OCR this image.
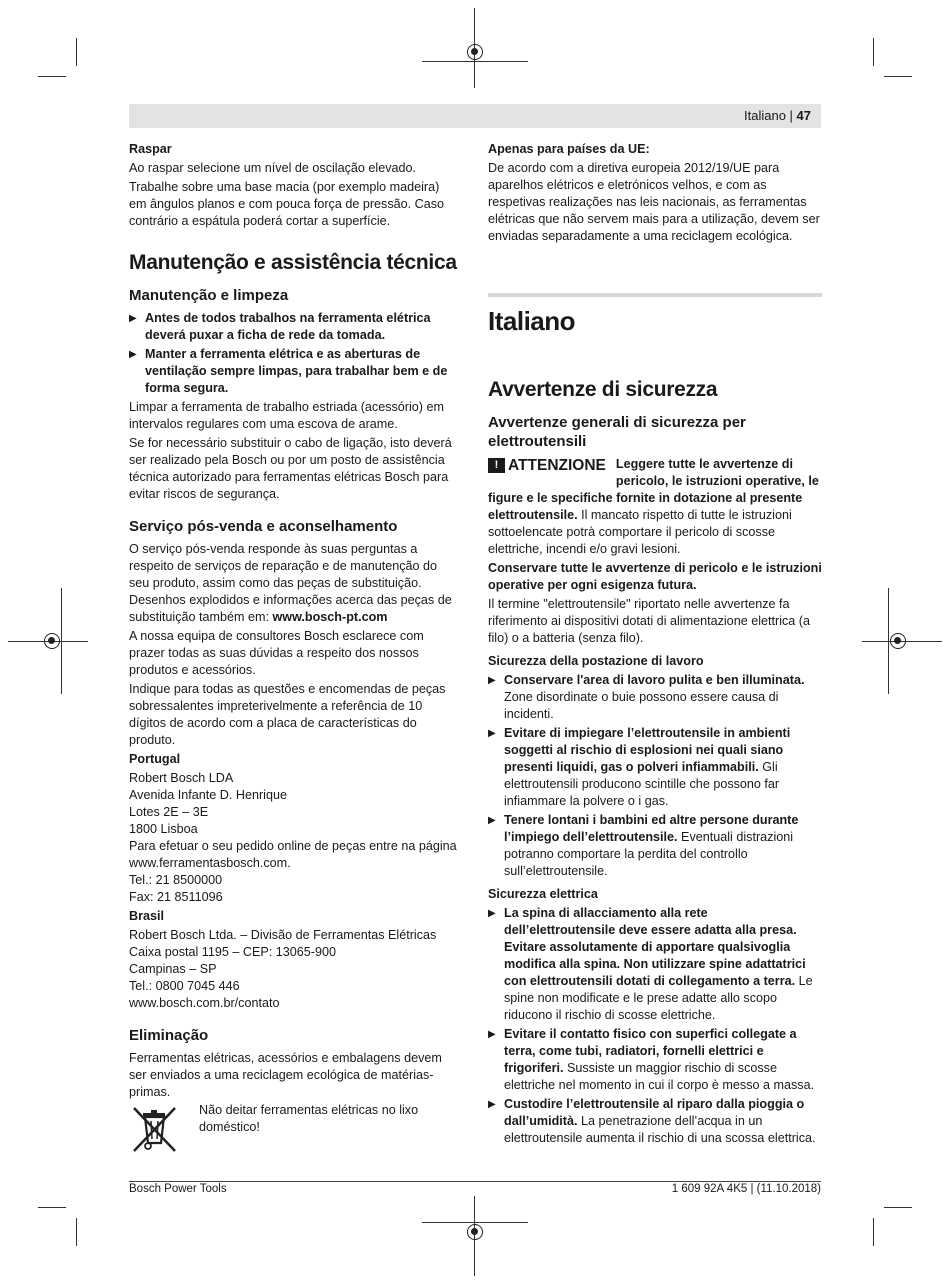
Italiano | 47

Raspar

Ao raspar selecione um nível de oscilação elevado.

Trabalhe sobre uma base macia (por exemplo madeira) em ângulos planos e com pouca força de pressão. Caso contrário a espátula poderá cortar a superfície.

Manutenção e assistência técnica
Manutenção e limpeza

▶ Antes de todos trabalhos na ferramenta elétrica deverá puxar a ficha de rede da tomada.

▶ Manter a ferramenta elétrica e as aberturas de ventilação sempre limpas, para trabalhar bem e de forma segura.

Limpar a ferramenta de trabalho estriada (acessório) em intervalos regulares com uma escova de arame.

Se for necessário substituir o cabo de ligação, isto deverá ser realizado pela Bosch ou por um posto de assistência técnica autorizado para ferramentas elétricas Bosch para evitar riscos de segurança.

Serviço pós-venda e aconselhamento

O serviço pós-venda responde às suas perguntas a respeito de serviços de reparação e de manutenção do seu produto, assim como das peças de substituição. Desenhos explodidos e informações acerca das peças de substituição também em: www.bosch-pt.com

A nossa equipa de consultores Bosch esclarece com prazer todas as suas dúvidas a respeito dos nossos produtos e acessórios.

Indique para todas as questões e encomendas de peças sobressalentes impreterivelmente a referência de 10 dígitos de acordo com a placa de características do produto.

Portugal

Robert Bosch LDA
Avenida Infante D. Henrique
Lotes 2E – 3E
1800 Lisboa
Para efetuar o seu pedido online de peças entre na página www.ferramentasbosch.com.
Tel.: 21 8500000
Fax: 21 8511096

Brasil

Robert Bosch Ltda. – Divisão de Ferramentas Elétricas
Caixa postal 1195 – CEP: 13065-900
Campinas – SP
Tel.: 0800 7045 446
www.bosch.com.br/contato
Eliminação

Ferramentas elétricas, acessórios e embalagens devem ser enviados a uma reciclagem ecológica de matérias-primas.

Não deitar ferramentas elétricas no lixo doméstico!

Apenas para países da UE:

De acordo com a diretiva europeia 2012/19/UE para aparelhos elétricos e eletrónicos velhos, e com as respetivas realizações nas leis nacionais, as ferramentas elétricas que não servem mais para a utilização, devem ser enviadas separadamente a uma reciclagem ecológica.

Italiano
Avvertenze di sicurezza
Avvertenze generali di sicurezza per elettroutensili
!
ATTENZIONE Leggere tutte le avvertenze di pericolo, le istruzioni operative, le figure e le specifiche fornite in dotazione al presente elettroutensile. Il mancato rispetto di tutte le istruzioni sottoelencate potrà comportare il pericolo di scosse elettriche, incendi e/o gravi lesioni.

Conservare tutte le avvertenze di pericolo e le istruzioni operative per ogni esigenza futura.

Il termine "elettroutensile" riportato nelle avvertenze fa riferimento ai dispositivi dotati di alimentazione elettrica (a filo) o a batteria (senza filo).

Sicurezza della postazione di lavoro

▶ Conservare l'area di lavoro pulita e ben illuminata. Zone disordinate o buie possono essere causa di incidenti.

▶ Evitare di impiegare l’elettroutensile in ambienti soggetti al rischio di esplosioni nei quali siano presenti liquidi, gas o polveri infiammabili. Gli elettroutensili producono scintille che possono far infiammare la polvere o i gas.

▶ Tenere lontani i bambini ed altre persone durante l’impiego dell’elettroutensile. Eventuali distrazioni potranno comportare la perdita del controllo sull’elettroutensile.

Sicurezza elettrica

▶ La spina di allacciamento alla rete dell’elettroutensile deve essere adatta alla presa. Evitare assolutamente di apportare qualsivoglia modifica alla spina. Non utilizzare spine adattatrici con elettroutensili dotati di collegamento a terra. Le spine non modificate e le prese adatte allo scopo riducono il rischio di scosse elettriche.

▶ Evitare il contatto fisico con superfici collegate a terra, come tubi, radiatori, fornelli elettrici e frigoriferi. Sussiste un maggior rischio di scosse elettriche nel momento in cui il corpo è messo a massa.

▶ Custodire l’elettroutensile al riparo dalla pioggia o dall’umidità. La penetrazione dell’acqua in un elettroutensile aumenta il rischio di una scossa elettrica.

Bosch Power Tools	1 609 92A 4K5 | (11.10.2018)
